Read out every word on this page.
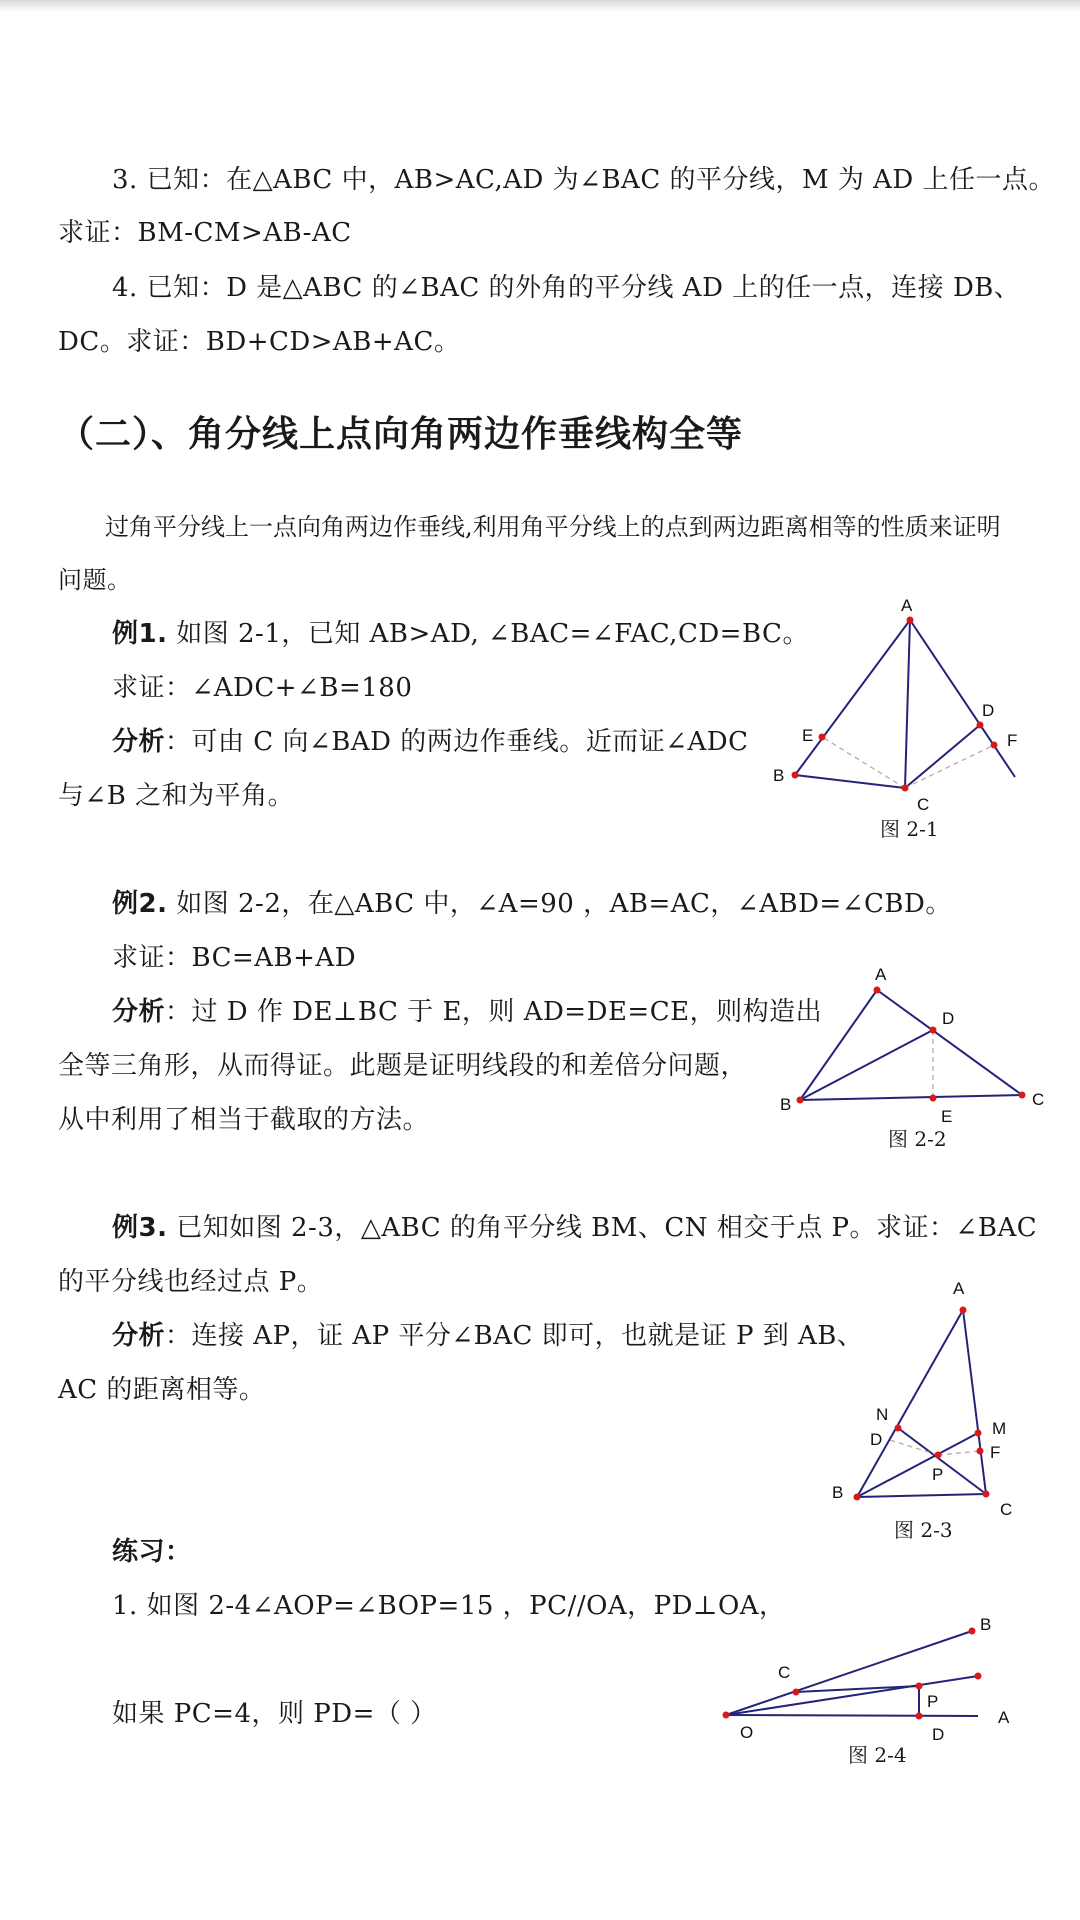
3. 已知：在△ABC 中，AB>AC,AD 为∠BAC 的平分线，M 为 AD 上任一点。
求证：BM-CM>AB-AC
4. 已知：D 是△ABC 的∠BAC 的外角的平分线 AD 上的任一点，连接 DB、
DC。求证：BD+CD>AB+AC。
（二）、角分线上点向角两边作垂线构全等
过角平分线上一点向角两边作垂线,利用角平分线上的点到两边距离相等的性质来证明
问题。
例1. 如图 2-1，已知 AB>AD, ∠BAC=∠FAC,CD=BC。
求证：∠ADC+∠B=180
分析：可由 C 向∠BAD 的两边作垂线。近而证∠ADC
与∠B 之和为平角。
A
B
C
D
E	F
图 2-1
例2. 如图 2-2，在△ABC 中，∠A=90 ，AB=AC，∠ABD=∠CBD。
求证：BC=AB+AD
分析：过 D 作 DE⊥BC 于 E，则 AD=DE=CE，则构造出
全等三角形，从而得证。此题是证明线段的和差倍分问题，
从中利用了相当于截取的方法。
A
B	C
D
E
图 2-2
例3. 已知如图 2-3，△ABC 的角平分线 BM、CN 相交于点 P。求证：∠BAC
的平分线也经过点 P。
分析：连接 AP，证 AP 平分∠BAC 即可，也就是证 P 到 AB、
AC 的距离相等。
A
B
C
D
F
M
N
P
图 2-3
练习：
1. 如图 2-4∠AOP=∠BOP=15 ，PC//OA，PD⊥OA，
如果 PC=4，则 PD=（ ）	A
B
C
D
O
P
图 2-4
